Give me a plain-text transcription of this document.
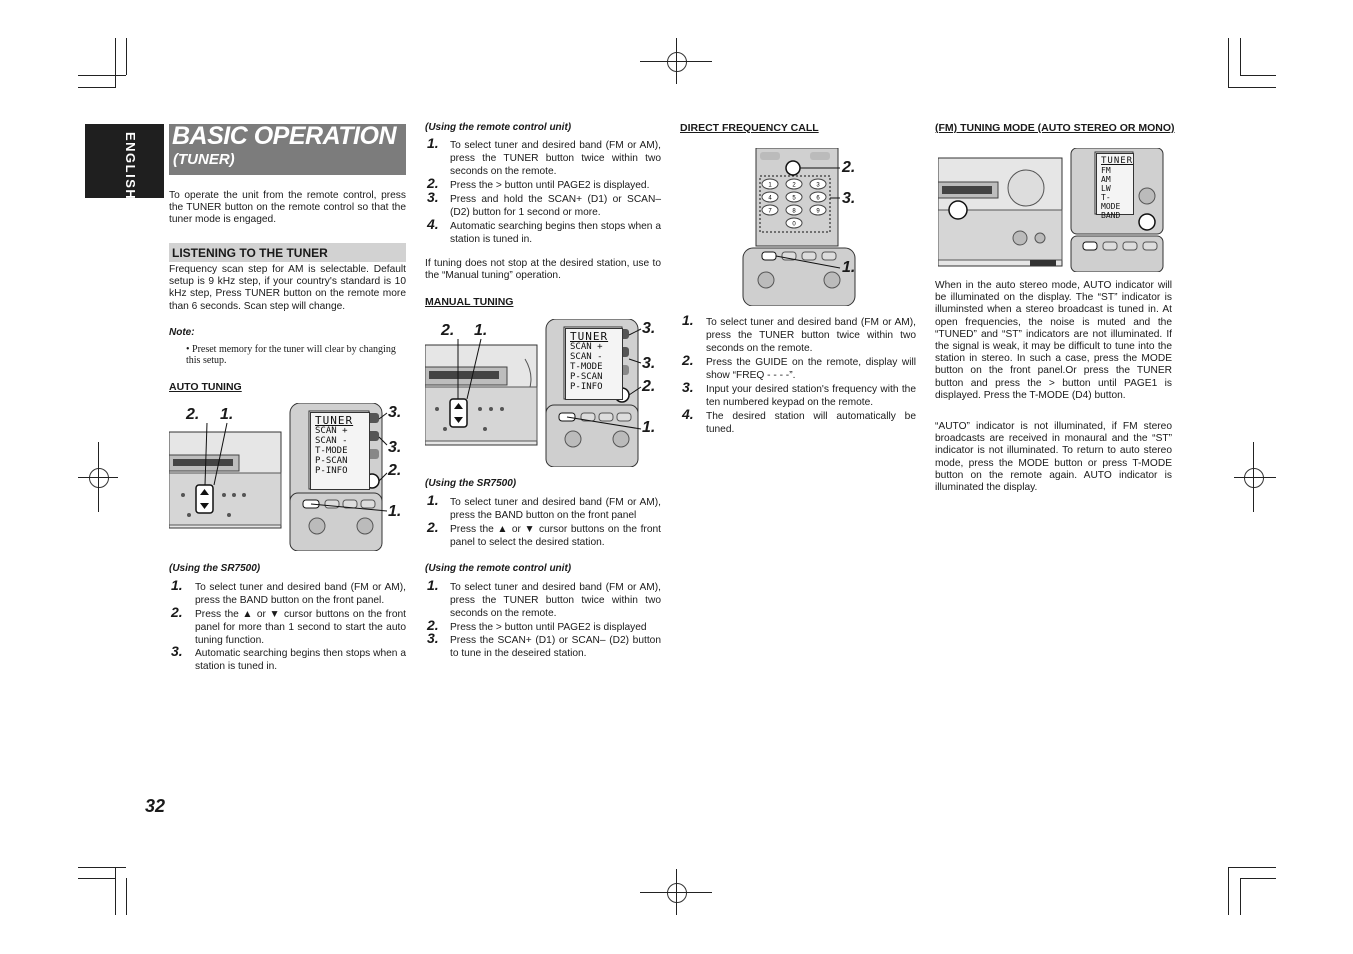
ENGLISH BASIC OPERATION
(TUNER)
To operate the unit from the remote control, press the TUNER button on the remote control so that the tuner mode is engaged.
LISTENING TO THE TUNER
Frequency scan step for AM is selectable. Default setup is 9 kHz step, if your country's standard is 10 kHz step, Press TUNER button on the remote more than 6 seconds. Scan step will change.
Note:
• Preset memory for the tuner will clear by changing this setup.
AUTO TUNING
TUNER
SCAN +
SCAN -
T-MODE
P-SCAN
P-INFO
2. 1.	3.
3.
2.
1.
(Using the SR7500)
1. To select tuner and desired band (FM or AM), press the BAND button on the front panel.
2. Press the ▲ or ▼ cursor buttons on the front panel for more than 1 second to start the auto tuning function.
3. Automatic searching begins then stops when a station is tuned in.
(Using the remote control unit)
1. To select tuner and desired band (FM or AM), press the TUNER button twice within two seconds on the remote.
2. Press the > button until PAGE2 is displayed.
3. Press and hold the SCAN+ (D1) or SCAN– (D2) button for 1 second or more.
4. Automatic searching begins then stops when a station is tuned in.
If tuning does not stop at the desired station, use to the “Manual tuning” operation.
MANUAL TUNING
TUNER
SCAN +
SCAN -
T-MODE
P-SCAN
P-INFO
2. 1.	3.
3.
2.
1.
(Using the SR7500)
1. To select tuner and desired band (FM or AM), press the BAND button on the front panel
2. Press the ▲ or ▼ cursor buttons on the front panel to select the desired station.
(Using the remote control unit)
1. To select tuner and desired band (FM or AM), press the TUNER button twice within two seconds on the remote.
2. Press the > button until PAGE2 is displayed
3. Press the SCAN+ (D1) or SCAN– (D2) button to tune in the deseired station.
DIRECT FREQUENCY CALL
1	2	3
4	5	6
7	8	9
0
2.
3.
1.
1. To select tuner and desired band (FM or AM), press the TUNER button twice within two seconds on the remote.
2. Press the GUIDE on the remote, display will show “FREQ - - - -”.
3. Input your desired station's frequency with the ten numbered keypad on the remote.
4. The desired station will automatically be tuned.
(FM) TUNING MODE (AUTO STEREO OR MONO)
TUNER
FM
AM
LW
T-MODE
BAND
When in the auto stereo mode, AUTO indicator will be illuminated on the display. The “ST” indicator is illuminsted when a stereo broadcast is tuned in. At open frequencies, the noise is muted and the “TUNED” and “ST” indicators are not illuminated. If the signal is weak, it may be difficult to tune into the station in stereo. In such a case, press the MODE button on the front panel.Or press the TUNER button and press the > button until PAGE1 is displayed. Press the T-MODE (D4) button.
“AUTO” indicator is not illuminated, if FM stereo broadcasts are received in monaural and the “ST” indicator is not illuminated. To return to auto stereo mode, press the MODE button or press T-MODE button on the remote again. AUTO indicator is illuminated the display.
32
